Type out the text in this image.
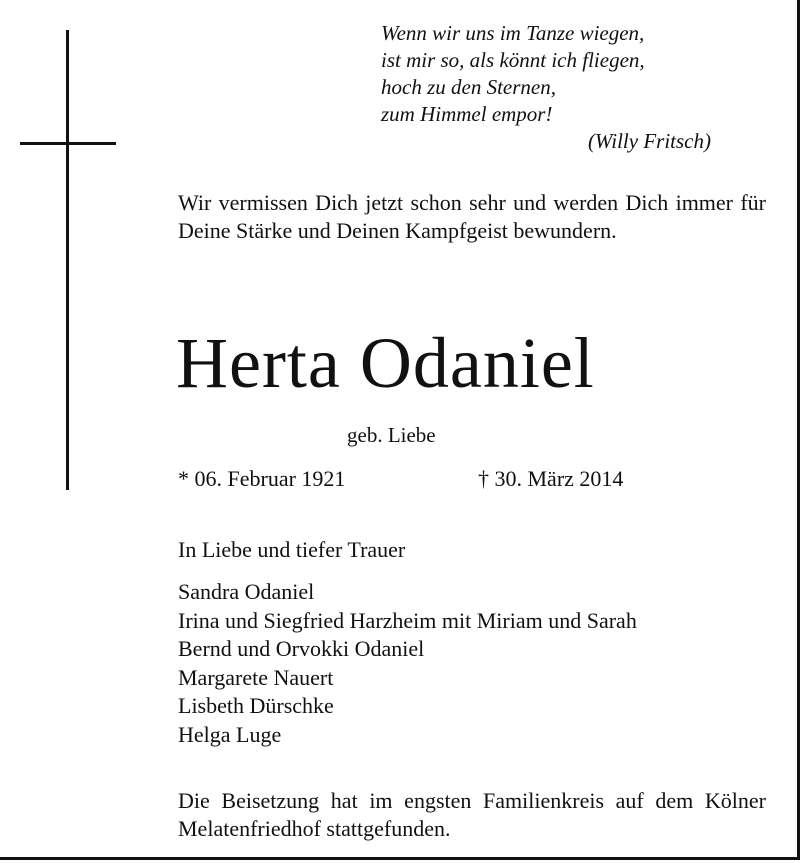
Wenn wir uns im Tanze wiegen,
ist mir so, als könnt ich fliegen,
hoch zu den Sternen,
zum Himmel empor!
(Willy Fritsch)
Wir vermissen Dich jetzt schon sehr und werden Dich immer für Deine Stärke und Deinen Kampfgeist bewundern.
Herta Odaniel
geb. Liebe
* 06. Februar 1921	† 30. März 2014
In Liebe und tiefer Trauer
Sandra Odaniel
Irina und Siegfried Harzheim mit Miriam und Sarah
Bernd und Orvokki Odaniel
Margarete Nauert
Lisbeth Dürschke
Helga Luge
Die Beisetzung hat im engsten Familienkreis auf dem Kölner Melatenfriedhof stattgefunden.
